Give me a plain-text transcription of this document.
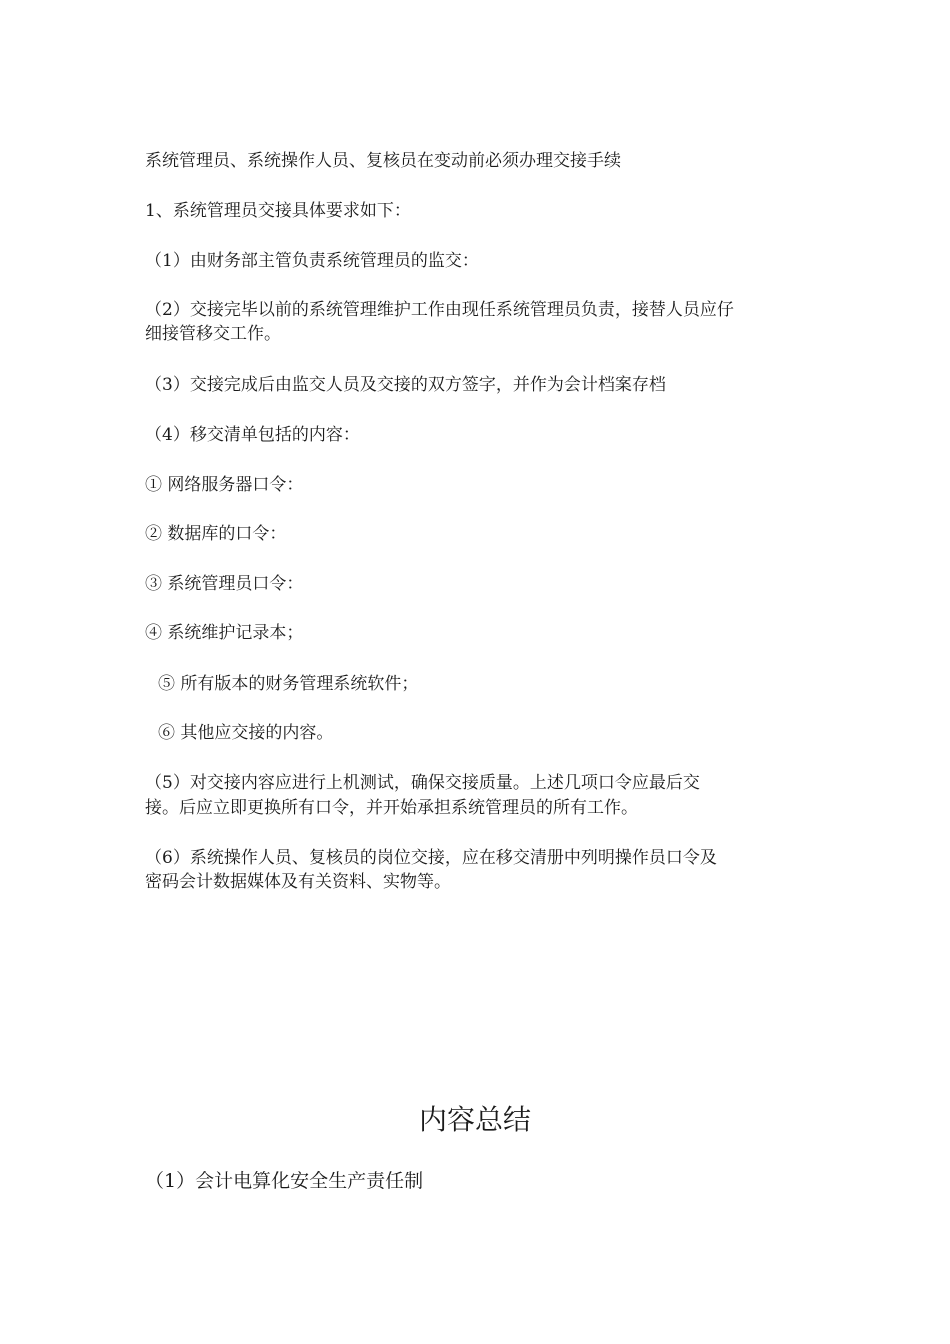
系统管理员、系统操作人员、复核员在变动前必须办理交接手续

1、系统管理员交接具体要求如下：

（1）由财务部主管负责系统管理员的监交：

（2）交接完毕以前的系统管理维护工作由现任系统管理员负责，接替人员应仔

细接管移交工作。

（3）交接完成后由监交人员及交接的双方签字，并作为会计档案存档

（4）移交清单包括的内容：

① 网络服务器口令：

② 数据库的口令：

③ 系统管理员口令：

④ 系统维护记录本；

⑤ 所有版本的财务管理系统软件；

⑥ 其他应交接的内容。

（5）对交接内容应进行上机测试，确保交接质量。上述几项口令应最后交

接。后应立即更换所有口令，并开始承担系统管理员的所有工作。

（6）系统操作人员、复核员的岗位交接，应在移交清册中列明操作员口令及

密码会计数据媒体及有关资料、实物等。

内容总结

（1）会计电算化安全生产责任制
